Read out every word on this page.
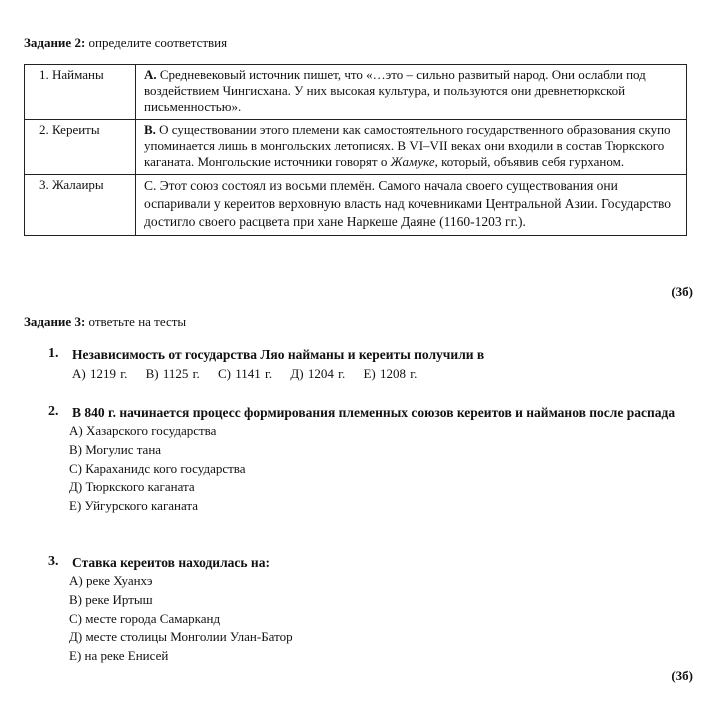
Задание 2: определите соответствия
1. Найманы	А. Средневековый источник пишет, что «…это – сильно развитый народ. Они ослабли под воздействием Чингисхана. У них высокая культура, и пользуются они древнетюркской письменностью».
2. Кереиты	В. О существовании этого племени как самостоятельного государственного образования скупо упоминается лишь в монгольских летописях. В VI–VII веках они входили в состав Тюркского каганата. Монгольские источники говорят о Жамуке, который, объявив себя гурханом.
3. Жалаиры	С. Этот союз состоял из восьми племён. Самого начала своего существования они оспаривали у кереитов верховную власть над кочевниками Центральной Азии. Государство достигло своего расцвета при хане Наркеше Даяне (1160-1203 гг.).
(3б)
Задание 3: ответьте на тесты
1. Независимость от государства Ляо найманы и кереиты получили в
А) 1219 г. В) 1125 г. С) 1141 г. Д) 1204 г. Е) 1208 г.
2. В 840 г. начинается процесс формирования племенных союзов кереитов и найманов после распада
А) Хазарского государства
В) Могулис тана
С) Караханидс кого государства
Д) Тюркского каганата
Е) Уйгурского каганата
3. Ставка кереитов находилась на:
А) реке Хуанхэ
В) реке Иртыш
С) месте города Самарканд
Д) месте столицы Монголии Улан-Батор
Е) на реке Енисей
(3б)
